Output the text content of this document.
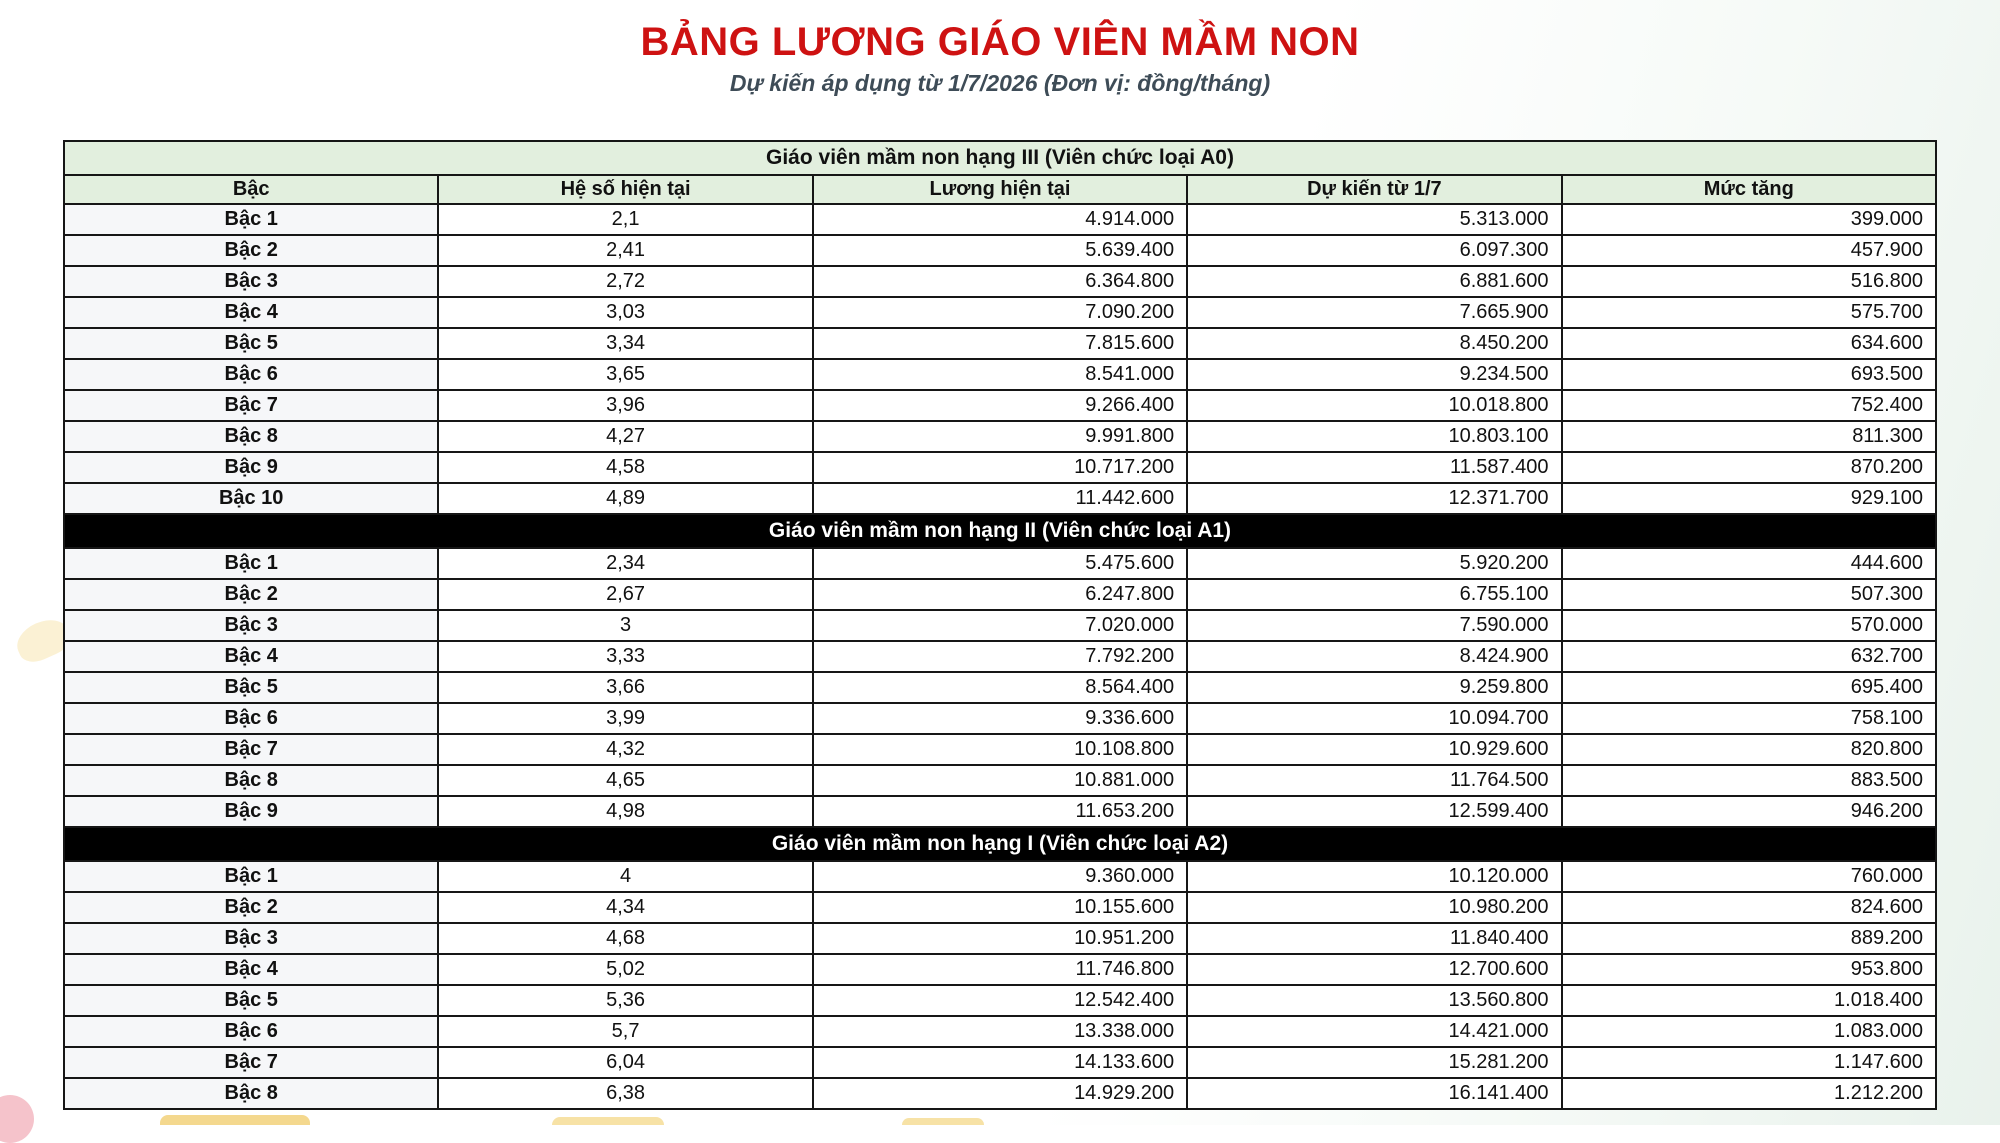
BẢNG LƯƠNG GIÁO VIÊN MẦM NON
Dự kiến áp dụng từ 1/7/2026 (Đơn vị: đồng/tháng)
Giáo viên mầm non hạng III (Viên chức loại A0)				
Bậc	Hệ số hiện tại	Lương hiện tại	Dự kiến từ 1/7	Mức tăng
Bậc 1	2,1	4.914.000	5.313.000	399.000
Bậc 2	2,41	5.639.400	6.097.300	457.900
Bậc 3	2,72	6.364.800	6.881.600	516.800
Bậc 4	3,03	7.090.200	7.665.900	575.700
Bậc 5	3,34	7.815.600	8.450.200	634.600
Bậc 6	3,65	8.541.000	9.234.500	693.500
Bậc 7	3,96	9.266.400	10.018.800	752.400
Bậc 8	4,27	9.991.800	10.803.100	811.300
Bậc 9	4,58	10.717.200	11.587.400	870.200
Bậc 10	4,89	11.442.600	12.371.700	929.100
Giáo viên mầm non hạng II (Viên chức loại A1)				
Bậc 1	2,34	5.475.600	5.920.200	444.600
Bậc 2	2,67	6.247.800	6.755.100	507.300
Bậc 3	3	7.020.000	7.590.000	570.000
Bậc 4	3,33	7.792.200	8.424.900	632.700
Bậc 5	3,66	8.564.400	9.259.800	695.400
Bậc 6	3,99	9.336.600	10.094.700	758.100
Bậc 7	4,32	10.108.800	10.929.600	820.800
Bậc 8	4,65	10.881.000	11.764.500	883.500
Bậc 9	4,98	11.653.200	12.599.400	946.200
Giáo viên mầm non hạng I (Viên chức loại A2)				
Bậc 1	4	9.360.000	10.120.000	760.000
Bậc 2	4,34	10.155.600	10.980.200	824.600
Bậc 3	4,68	10.951.200	11.840.400	889.200
Bậc 4	5,02	11.746.800	12.700.600	953.800
Bậc 5	5,36	12.542.400	13.560.800	1.018.400
Bậc 6	5,7	13.338.000	14.421.000	1.083.000
Bậc 7	6,04	14.133.600	15.281.200	1.147.600
Bậc 8	6,38	14.929.200	16.141.400	1.212.200
